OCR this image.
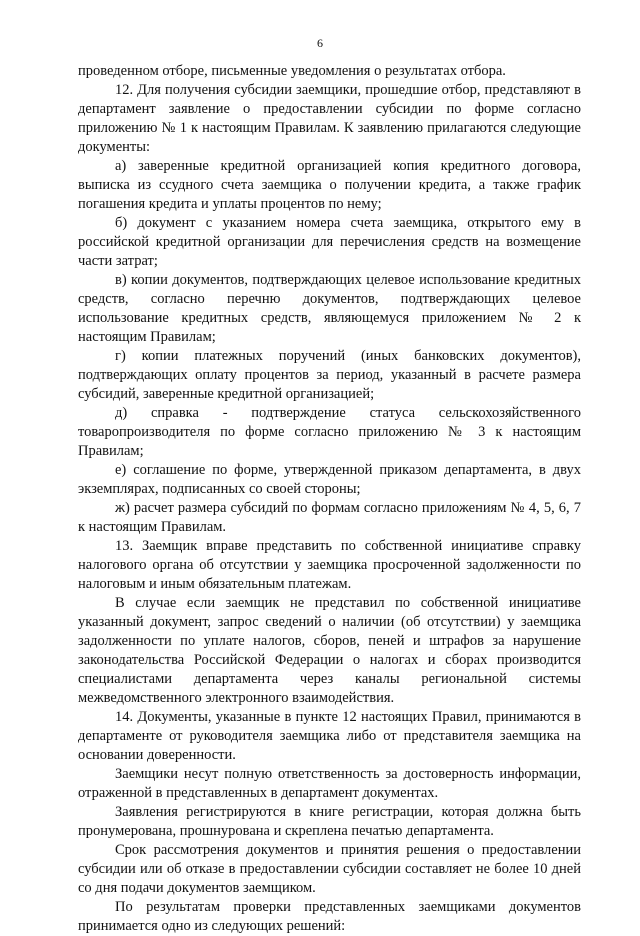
6

проведенном отборе, письменные уведомления о результатах отбора.

12. Для получения субсидии заемщики, прошедшие отбор, представляют в департамент заявление о предоставлении субсидии по форме согласно приложению № 1 к настоящим Правилам. К заявлению прилагаются следующие документы:

а) заверенные кредитной организацией копия кредитного договора, выписка из ссудного счета заемщика о получении кредита, а также график погашения кредита и уплаты процентов по нему;

б) документ с указанием номера счета заемщика, открытого ему в российской кредитной организации для перечисления средств на возмещение части затрат;

в) копии документов, подтверждающих целевое использование кредитных средств, согласно перечню документов, подтверждающих целевое использование кредитных средств, являющемуся приложением № 2 к настоящим Правилам;

г) копии платежных поручений (иных банковских документов), подтверждающих оплату процентов за период, указанный в расчете размера субсидий, заверенные кредитной организацией;

д) справка - подтверждение статуса сельскохозяйственного товаропроизводителя по форме согласно приложению № 3 к настоящим Правилам;

е) соглашение по форме, утвержденной приказом департамента, в двух экземплярах, подписанных со своей стороны;

ж) расчет размера субсидий по формам согласно приложениям № 4, 5, 6, 7 к настоящим Правилам.

13. Заемщик вправе представить по собственной инициативе справку налогового органа об отсутствии у заемщика просроченной задолженности по налоговым и иным обязательным платежам.

В случае если заемщик не представил по собственной инициативе указанный документ, запрос сведений о наличии (об отсутствии) у заемщика задолженности по уплате налогов, сборов, пеней и штрафов за нарушение законодательства Российской Федерации о налогах и сборах производится специалистами департамента через каналы региональной системы межведомственного электронного взаимодействия.

14. Документы, указанные в пункте 12 настоящих Правил, принимаются в департаменте от руководителя заемщика либо от представителя заемщика на основании доверенности.

Заемщики несут полную ответственность за достоверность информации, отраженной в представленных в департамент документах.

Заявления регистрируются в книге регистрации, которая должна быть пронумерована, прошнурована и скреплена печатью департамента.

Срок рассмотрения документов и принятия решения о предоставлении субсидии или об отказе в предоставлении субсидии составляет не более 10 дней со дня подачи документов заемщиком.

По результатам проверки представленных заемщиками документов принимается одно из следующих решений:
